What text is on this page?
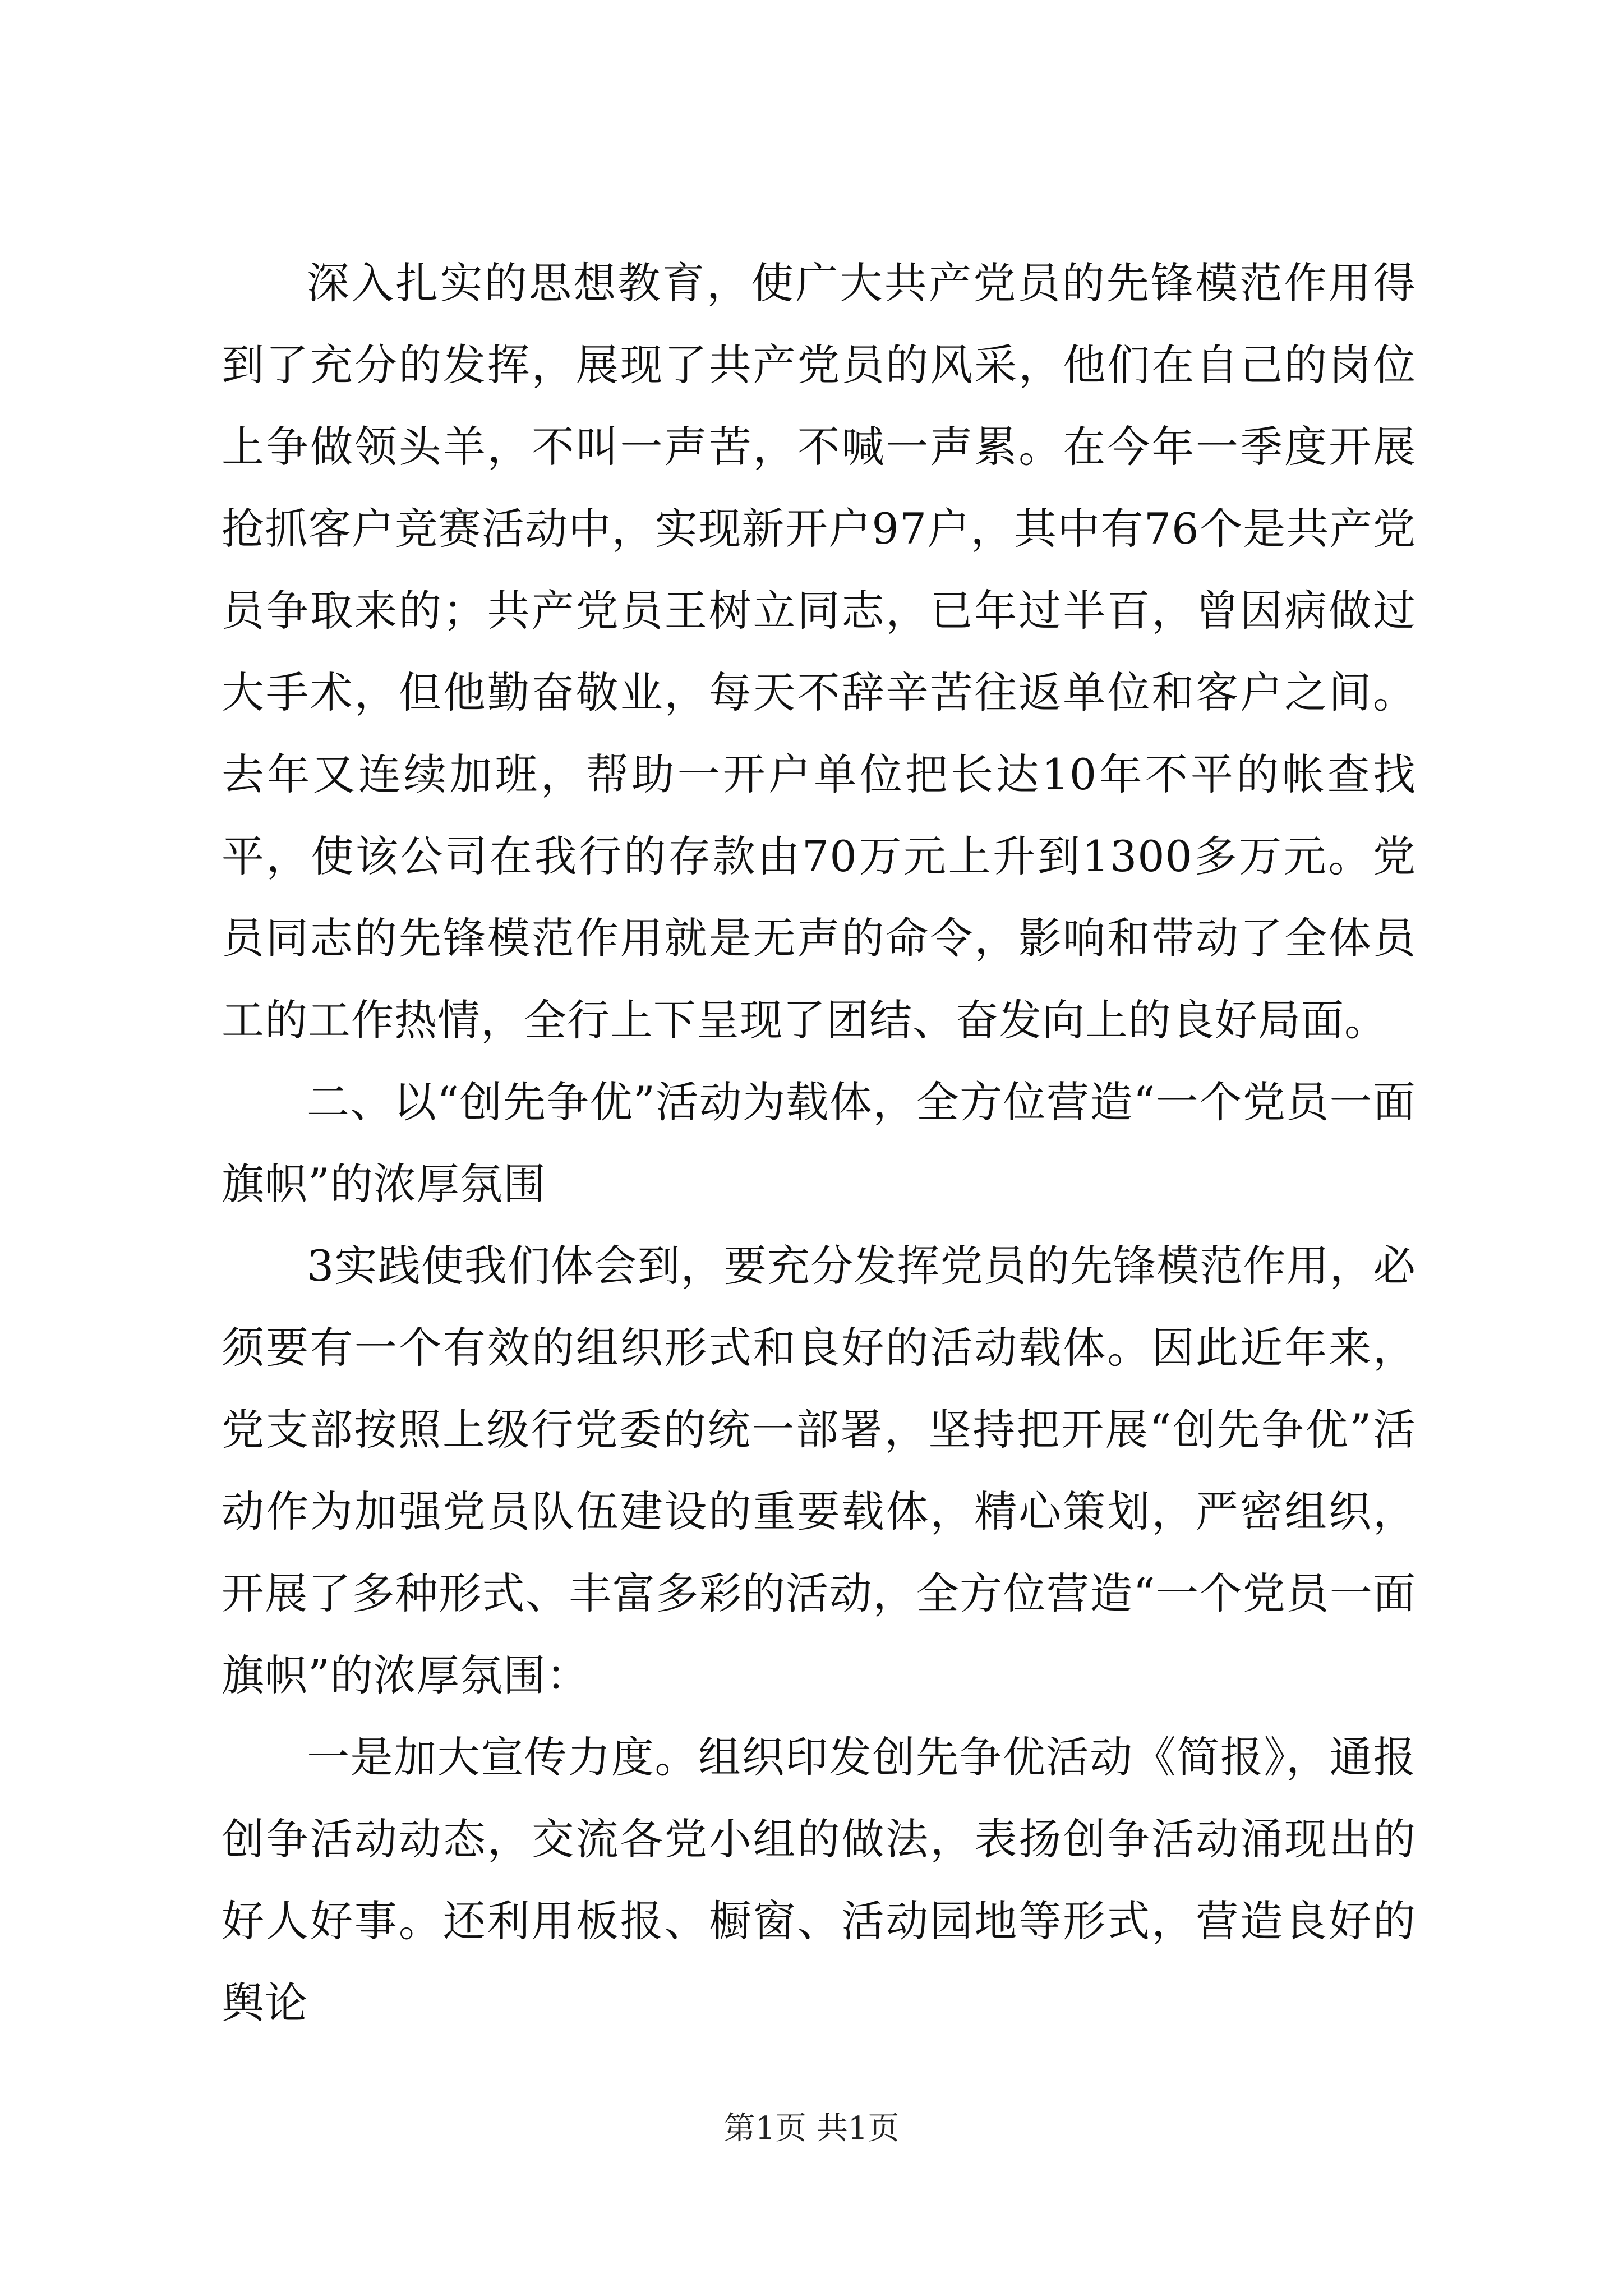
深入扎实的思想教育，使广大共产党员的先锋模范作用得到了充分的发挥，展现了共产党员的风采，他们在自己的岗位上争做领头羊，不叫一声苦，不喊一声累。在今年一季度开展抢抓客户竞赛活动中，实现新开户97户，其中有76个是共产党员争取来的；共产党员王树立同志，已年过半百，曾因病做过大手术，但他勤奋敬业，每天不辞辛苦往返单位和客户之间。去年又连续加班，帮助一开户单位把长达10年不平的帐查找平，使该公司在我行的存款由70万元上升到1300多万元。党员同志的先锋模范作用就是无声的命令，影响和带动了全体员工的工作热情，全行上下呈现了团结、奋发向上的良好局面。

二、以“创先争优”活动为载体，全方位营造“一个党员一面旗帜”的浓厚氛围

3实践使我们体会到，要充分发挥党员的先锋模范作用，必须要有一个有效的组织形式和良好的活动载体。因此近年来，党支部按照上级行党委的统一部署，坚持把开展“创先争优”活动作为加强党员队伍建设的重要载体，精心策划，严密组织，开展了多种形式、丰富多彩的活动，全方位营造“一个党员一面旗帜”的浓厚氛围：

一是加大宣传力度。组织印发创先争优活动《简报》，通报创争活动动态，交流各党小组的做法，表扬创争活动涌现出的好人好事。还利用板报、橱窗、活动园地等形式，营造良好的舆论

第1页 共1页
